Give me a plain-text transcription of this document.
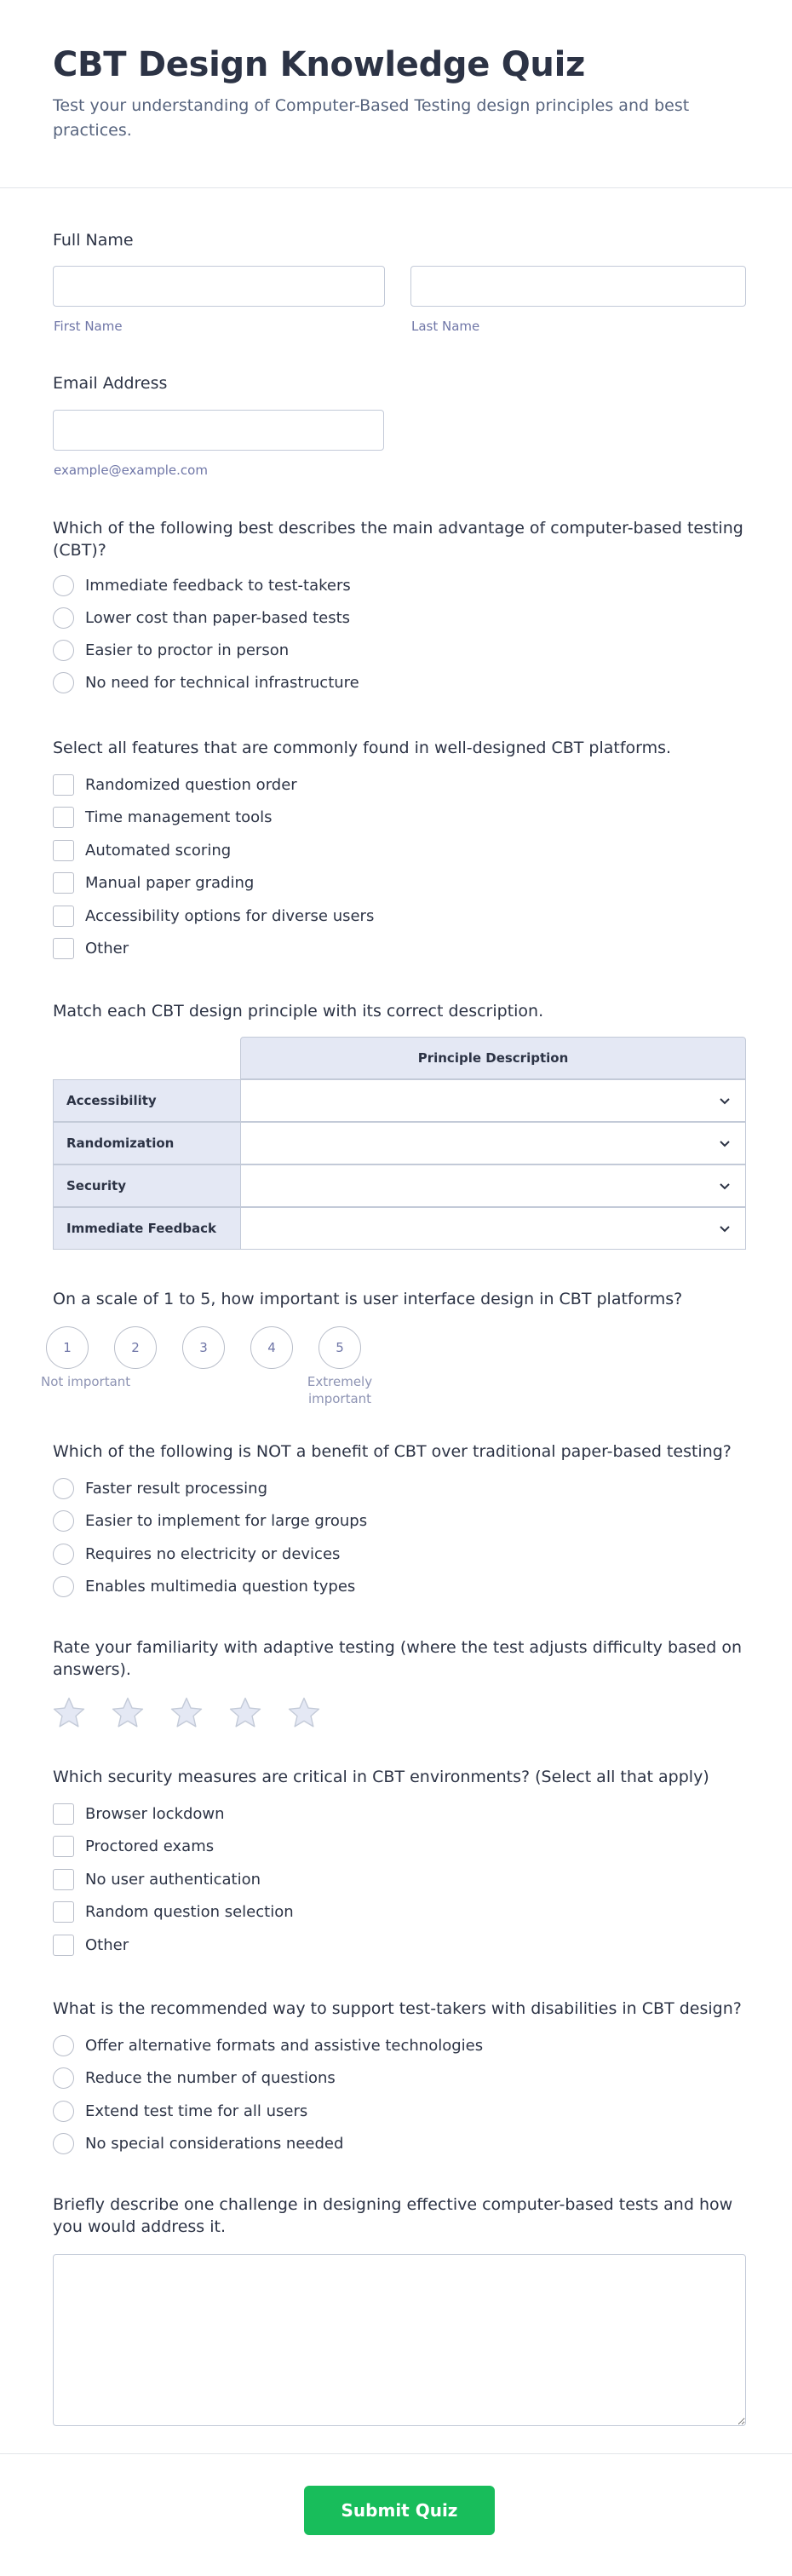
CBT Design Knowledge Quiz

Test your understanding of Computer-Based Testing design principles and best practices.

Full Name
First Name	Last Name
Email Address
example@example.com
Which of the following best describes the main advantage of computer-based testing (CBT)?
Immediate feedback to test-takers
Lower cost than paper-based tests
Easier to proctor in person
No need for technical infrastructure
Select all features that are commonly found in well-designed CBT platforms.
Randomized question order
Time management tools
Automated scoring
Manual paper grading
Accessibility options for diverse users
Other
Match each CBT design principle with its correct description.
Principle Description
Accessibility
Randomization
Security
Immediate Feedback
On a scale of 1 to 5, how important is user interface design in CBT platforms?
1	2	3	4	5
Not important	Extremely important
Which of the following is NOT a benefit of CBT over traditional paper-based testing?
Faster result processing
Easier to implement for large groups
Requires no electricity or devices
Enables multimedia question types
Rate your familiarity with adaptive testing (where the test adjusts difficulty based on answers).
Which security measures are critical in CBT environments? (Select all that apply)
Browser lockdown
Proctored exams
No user authentication
Random question selection
Other
What is the recommended way to support test-takers with disabilities in CBT design?
Offer alternative formats and assistive technologies
Reduce the number of questions
Extend test time for all users
No special considerations needed
Briefly describe one challenge in designing effective computer-based tests and how you would address it.
Submit Quiz
